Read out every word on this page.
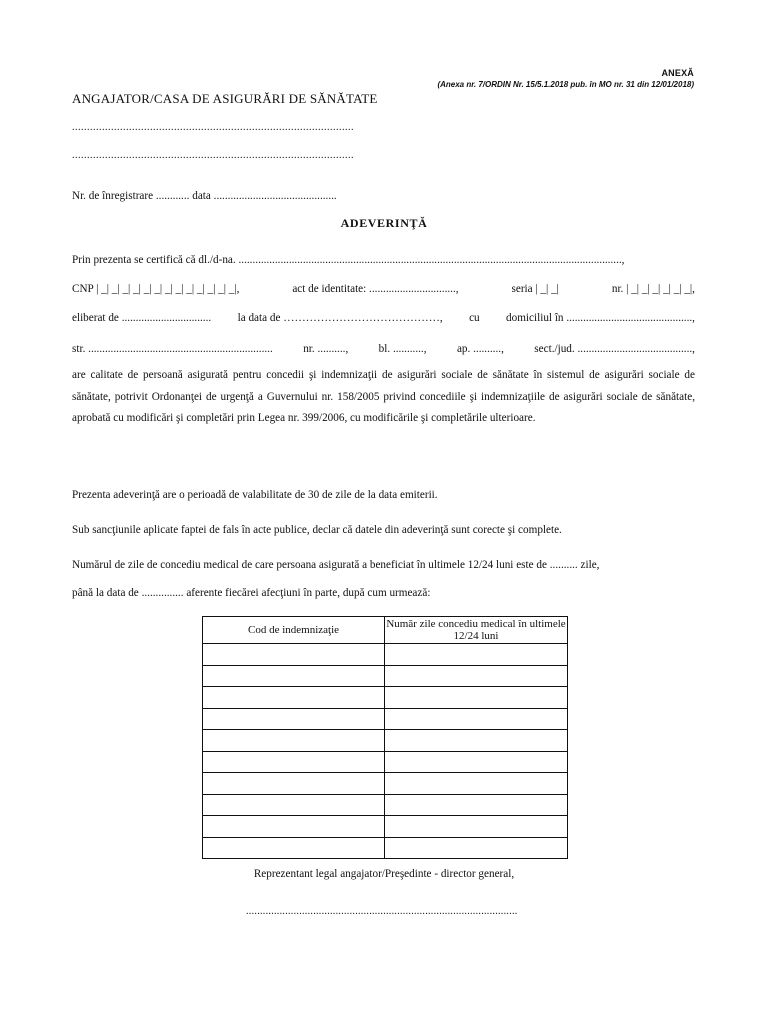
ANEXĂ
(Anexa nr. 7/ORDIN Nr. 15/5.1.2018 pub. în MO nr. 31 din 12/01/2018)
ANGAJATOR/CASA DE ASIGURĂRI DE SĂNĂTATE
..............................................................................................
..............................................................................................
Nr. de înregistrare ............ data ............................................
ADEVERINŢĂ
Prin prezenta se certifică că dl./d-na. .........................................................................................................................................,
CNP | _| _| _| _| _| _| _| _| _| _| _| _| _|,	act de identitate: ...............................,	seria | _| _|	nr. | _| _| _| _| _| _|,
eliberat de ................................ la data de ……………………………………, cu domiciliul în .............................................,
str. ..................................................................	nr. ..........,	bl. ...........,	ap. ..........,	sect./jud. .........................................,
are calitate de persoană asigurată pentru concedii şi indemnizaţii de asigurări sociale de sănătate în sistemul de asigurări sociale de sănătate, potrivit Ordonanţei de urgenţă a Guvernului nr. 158/2005 privind concediile şi indemnizaţiile de asigurări sociale de sănătate, aprobată cu modificări şi completări prin Legea nr. 399/2006, cu modificările şi completările ulterioare.
Prezenta adeverinţă are o perioadă de valabilitate de 30 de zile de la data emiterii.
Sub sancţiunile aplicate faptei de fals în acte publice, declar că datele din adeverinţă sunt corecte şi complete.
Numărul de zile de concediu medical de care persoana asigurată a beneficiat în ultimele 12/24 luni este de .......... zile,
până la data de ............... aferente fiecărei afecţiuni în parte, după cum urmează:
Cod de indemnizaţie	Număr zile concediu medical în ultimele 12/24 luni

Reprezentant legal angajator/Preşedinte - director general,
.................................................................................................
